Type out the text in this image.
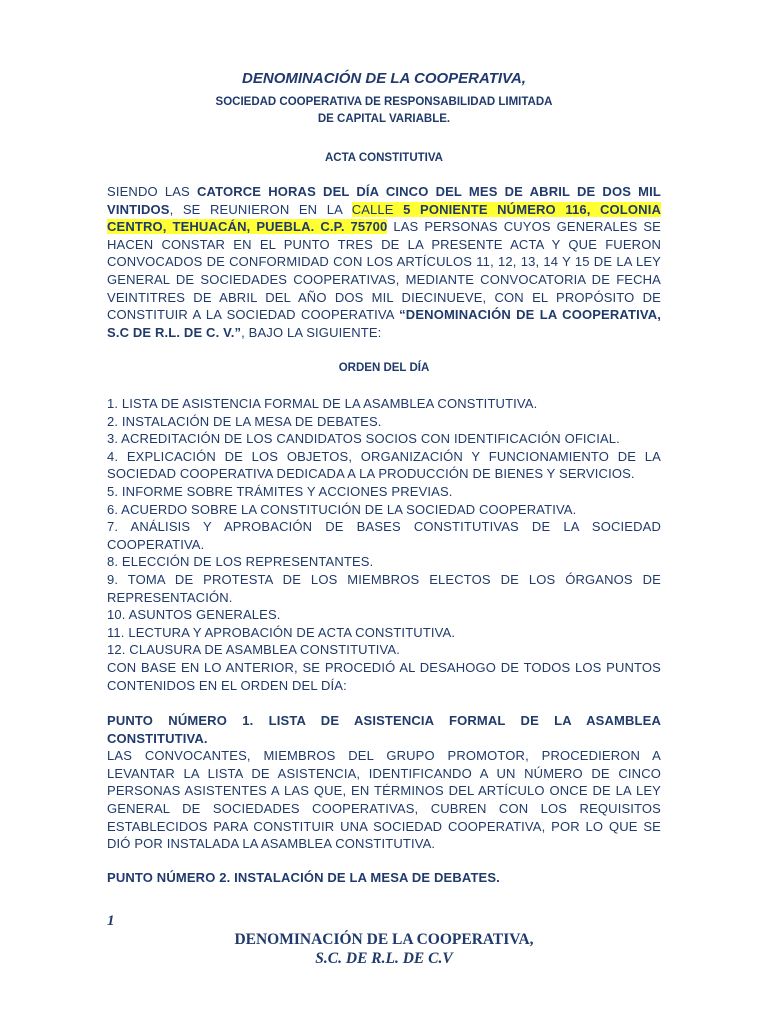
DENOMINACIÓN DE LA COOPERATIVA,
SOCIEDAD COOPERATIVA DE RESPONSABILIDAD LIMITADA
DE CAPITAL VARIABLE.
ACTA CONSTITUTIVA
SIENDO LAS CATORCE HORAS DEL DÍA CINCO DEL MES DE ABRIL DE DOS MIL VINTIDOS, SE REUNIERON EN LA CALLE 5 PONIENTE NÚMERO 116, COLONIA CENTRO, TEHUACÁN, PUEBLA. C.P. 75700 LAS PERSONAS CUYOS GENERALES SE HACEN CONSTAR EN EL PUNTO TRES DE LA PRESENTE ACTA Y QUE FUERON CONVOCADOS DE CONFORMIDAD CON LOS ARTÍCULOS 11, 12, 13, 14 Y 15 DE LA LEY GENERAL DE SOCIEDADES COOPERATIVAS, MEDIANTE CONVOCATORIA DE FECHA VEINTITRES DE ABRIL DEL AÑO DOS MIL DIECINUEVE, CON EL PROPÓSITO DE CONSTITUIR A LA SOCIEDAD COOPERATIVA “DENOMINACIÓN DE LA COOPERATIVA, S.C DE R.L. DE C. V.”, BAJO LA SIGUIENTE:
ORDEN DEL DÍA
1. LISTA DE ASISTENCIA FORMAL DE LA ASAMBLEA CONSTITUTIVA.
2. INSTALACIÓN DE LA MESA DE DEBATES.
3. ACREDITACIÓN DE LOS CANDIDATOS SOCIOS CON IDENTIFICACIÓN OFICIAL.
4. EXPLICACIÓN DE LOS OBJETOS, ORGANIZACIÓN Y FUNCIONAMIENTO DE LA SOCIEDAD COOPERATIVA DEDICADA A LA PRODUCCIÓN DE BIENES Y SERVICIOS.
5. INFORME SOBRE TRÁMITES Y ACCIONES PREVIAS.
6. ACUERDO SOBRE LA CONSTITUCIÓN DE LA SOCIEDAD COOPERATIVA.
7. ANÁLISIS Y APROBACIÓN DE BASES CONSTITUTIVAS DE LA SOCIEDAD COOPERATIVA.
8. ELECCIÓN DE LOS REPRESENTANTES.
9. TOMA DE PROTESTA DE LOS MIEMBROS ELECTOS DE LOS ÓRGANOS DE REPRESENTACIÓN.
10. ASUNTOS GENERALES.
11. LECTURA Y APROBACIÓN DE ACTA CONSTITUTIVA.
12. CLAUSURA DE ASAMBLEA CONSTITUTIVA.
CON BASE EN LO ANTERIOR, SE PROCEDIÓ AL DESAHOGO DE TODOS LOS PUNTOS CONTENIDOS EN EL ORDEN DEL DÍA:
PUNTO NÚMERO 1. LISTA DE ASISTENCIA FORMAL DE LA ASAMBLEA CONSTITUTIVA.
LAS CONVOCANTES, MIEMBROS DEL GRUPO PROMOTOR, PROCEDIERON A LEVANTAR LA LISTA DE ASISTENCIA, IDENTIFICANDO A UN NÚMERO DE CINCO PERSONAS ASISTENTES A LAS QUE, EN TÉRMINOS DEL ARTÍCULO ONCE DE LA LEY GENERAL DE SOCIEDADES COOPERATIVAS, CUBREN CON LOS REQUISITOS ESTABLECIDOS PARA CONSTITUIR UNA SOCIEDAD COOPERATIVA, POR LO QUE SE DIÓ POR INSTALADA LA ASAMBLEA CONSTITUTIVA.
PUNTO NÚMERO 2. INSTALACIÓN DE LA MESA DE DEBATES.
1
DENOMINACIÓN DE LA COOPERATIVA,
S.C. DE R.L. DE C.V
